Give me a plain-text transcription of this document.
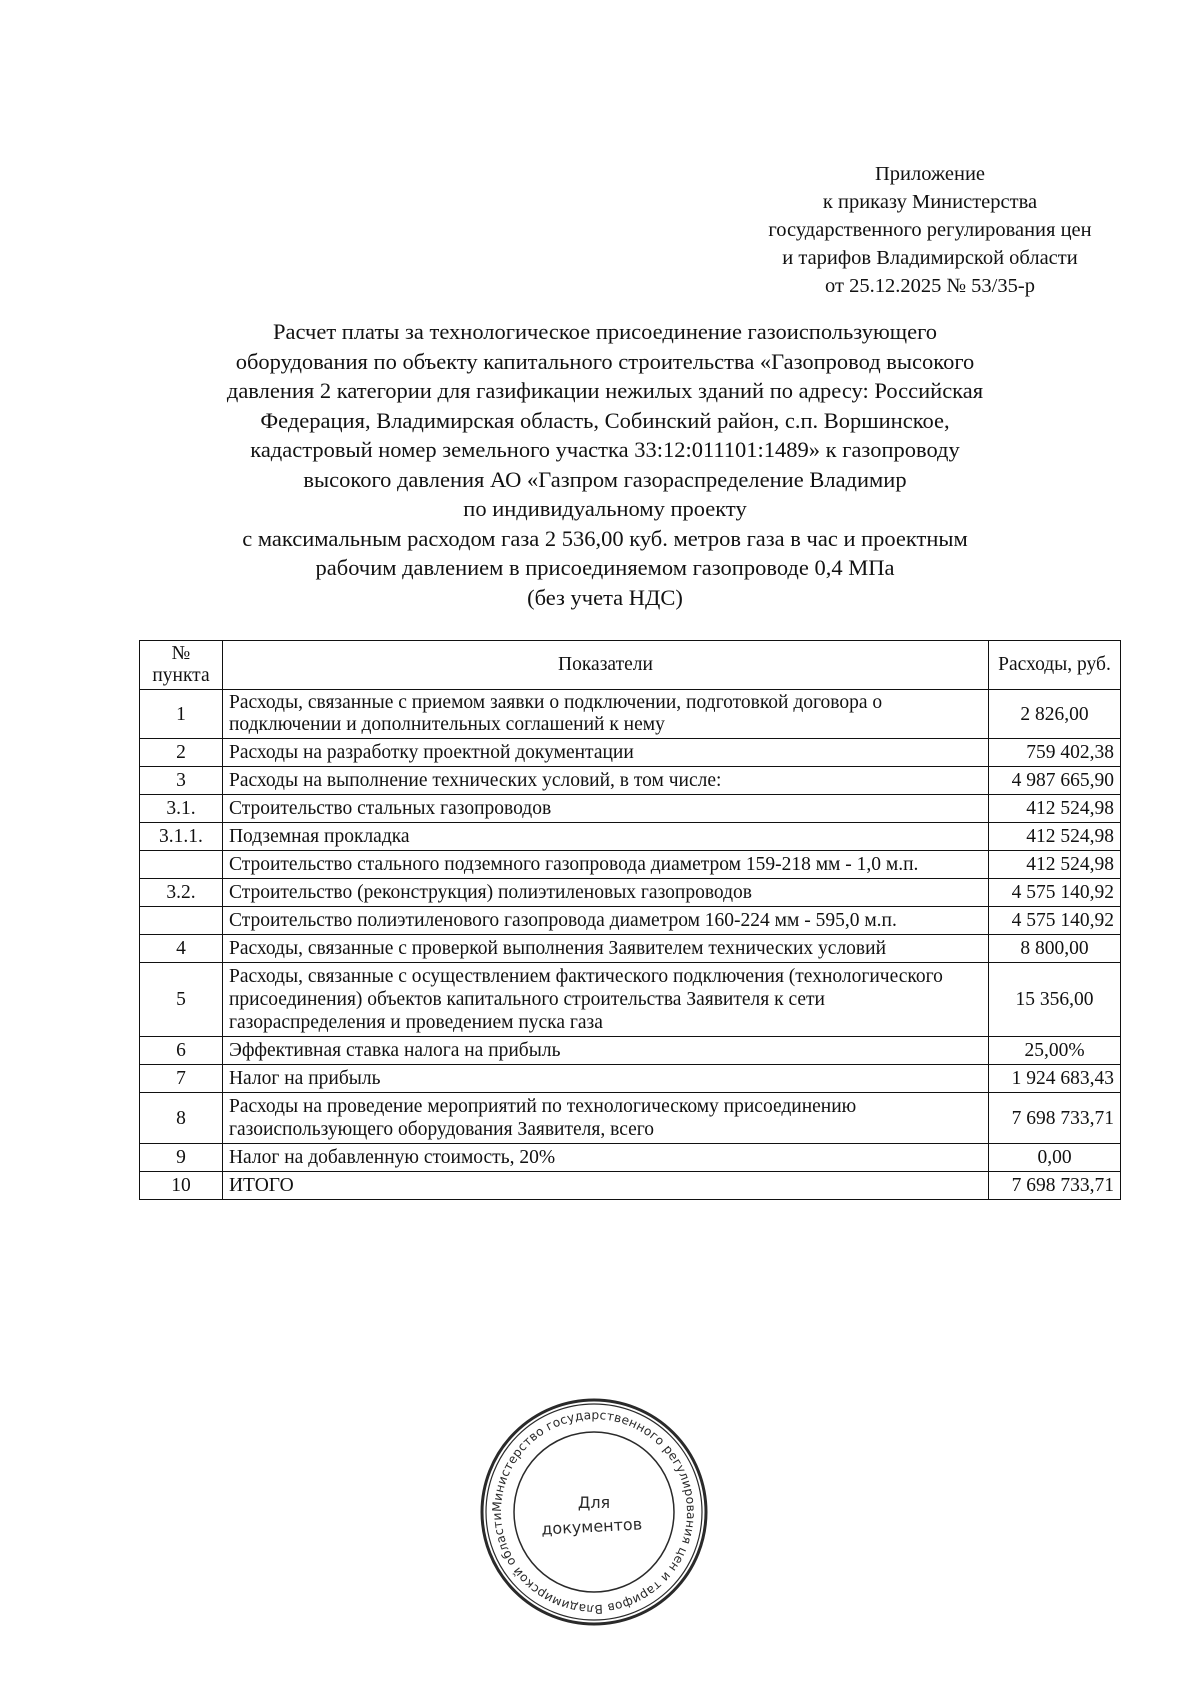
Приложение
к приказу Министерства
государственного регулирования цен
и тарифов Владимирской области
от 25.12.2025 № 53/35-р
Расчет платы за технологическое присоединение газоиспользующего
оборудования по объекту капитального строительства «Газопровод высокого
давления 2 категории для газификации нежилых зданий по адресу: Российская
Федерация, Владимирская область, Собинский район, с.п. Воршинское,
кадастровый номер земельного участка 33:12:011101:1489» к газопроводу
высокого давления АО «Газпром газораспределение Владимир
по индивидуальному проекту
с максимальным расходом газа 2 536,00 куб. метров газа в час и проектным
рабочим давлением в присоединяемом газопроводе 0,4 МПа
(без учета НДС)
№ пункта	Показатели	Расходы, руб.
1	Расходы, связанные с приемом заявки о подключении, подготовкой договора о подключении и дополнительных соглашений к нему	2 826,00
2	Расходы на разработку проектной документации	759 402,38
3	Расходы на выполнение технических условий, в том числе:	4 987 665,90
3.1.	Строительство стальных газопроводов	412 524,98
3.1.1.	Подземная прокладка	412 524,98
	Строительство стального подземного газопровода диаметром 159-218 мм - 1,0 м.п.	412 524,98
3.2.	Строительство (реконструкция) полиэтиленовых газопроводов	4 575 140,92
	Строительство полиэтиленового газопровода диаметром 160-224 мм - 595,0 м.п.	4 575 140,92
4	Расходы, связанные с проверкой выполнения Заявителем технических условий	8 800,00
5	Расходы, связанные с осуществлением фактического подключения (технологического присоединения) объектов капитального строительства Заявителя к сети газораспределения и проведением пуска газа	15 356,00
6	Эффективная ставка налога на прибыль	25,00%
7	Налог на прибыль	1 924 683,43
8	Расходы на проведение мероприятий по технологическому присоединению газоиспользующего оборудования Заявителя, всего	7 698 733,71
9	Налог на добавленную стоимость, 20%	0,00
10	ИТОГО	7 698 733,71
Министерство государственного регулирования цен и тарифов Владимирской области
Для
документов
